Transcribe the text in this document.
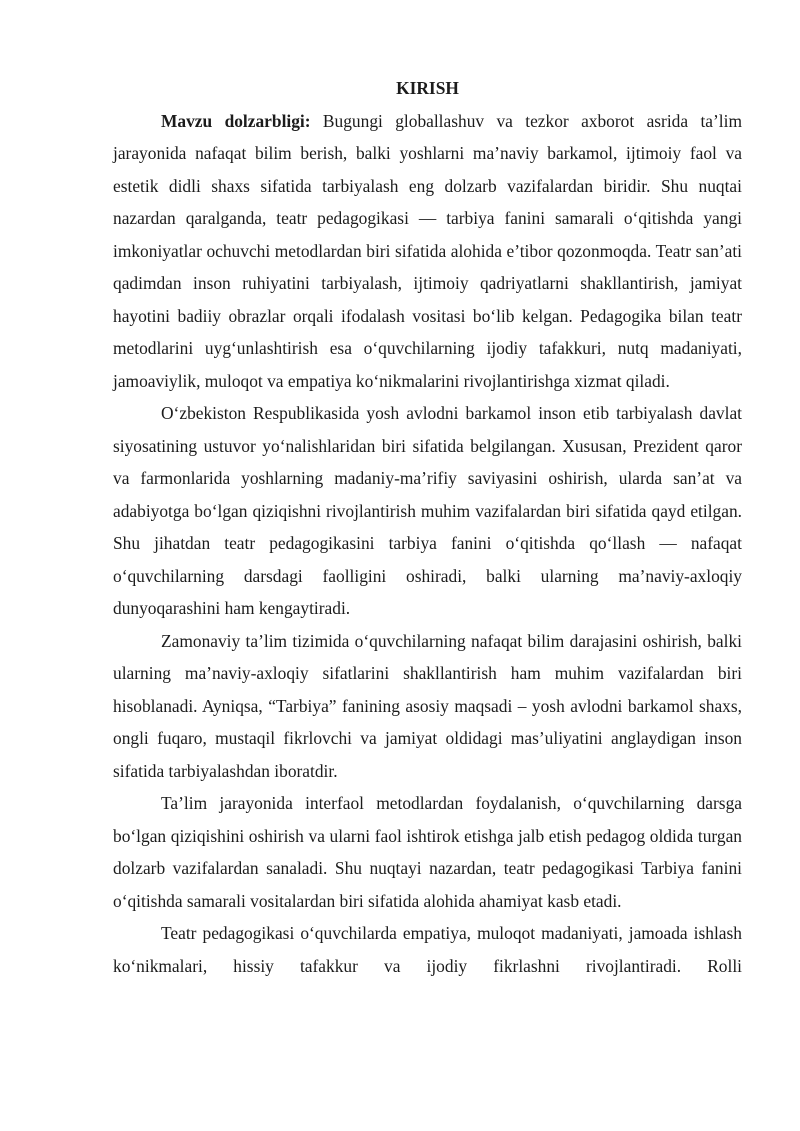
KIRISH

Mavzu dolzarbligi: Bugungi globallashuv va tezkor axborot asrida ta’lim jarayonida nafaqat bilim berish, balki yoshlarni ma’naviy barkamol, ijtimoiy faol va estetik didli shaxs sifatida tarbiyalash eng dolzarb vazifalardan biridir. Shu nuqtai nazardan qaralganda, teatr pedagogikasi — tarbiya fanini samarali o‘qitishda yangi imkoniyatlar ochuvchi metodlardan biri sifatida alohida e’tibor qozonmoqda. Teatr san’ati qadimdan inson ruhiyatini tarbiyalash, ijtimoiy qadriyatlarni shakllantirish, jamiyat hayotini badiiy obrazlar orqali ifodalash vositasi bo‘lib kelgan. Pedagogika bilan teatr metodlarini uyg‘unlashtirish esa o‘quvchilarning ijodiy tafakkuri, nutq madaniyati, jamoaviylik, muloqot va empatiya ko‘nikmalarini rivojlantirishga xizmat qiladi.

O‘zbekiston Respublikasida yosh avlodni barkamol inson etib tarbiyalash davlat siyosatining ustuvor yo‘nalishlaridan biri sifatida belgilangan. Xususan, Prezident qaror va farmonlarida yoshlarning madaniy-ma’rifiy saviyasini oshirish, ularda san’at va adabiyotga bo‘lgan qiziqishni rivojlantirish muhim vazifalardan biri sifatida qayd etilgan. Shu jihatdan teatr pedagogikasini tarbiya fanini o‘qitishda qo‘llash — nafaqat o‘quvchilarning darsdagi faolligini oshiradi, balki ularning ma’naviy-axloqiy dunyoqarashini ham kengaytiradi.

Zamonaviy ta’lim tizimida o‘quvchilarning nafaqat bilim darajasini oshirish, balki ularning ma’naviy-axloqiy sifatlarini shakllantirish ham muhim vazifalardan biri hisoblanadi. Ayniqsa, “Tarbiya” fanining asosiy maqsadi – yosh avlodni barkamol shaxs, ongli fuqaro, mustaqil fikrlovchi va jamiyat oldidagi mas’uliyatini anglaydigan inson sifatida tarbiyalashdan iboratdir.

Ta’lim jarayonida interfaol metodlardan foydalanish, o‘quvchilarning darsga bo‘lgan qiziqishini oshirish va ularni faol ishtirok etishga jalb etish pedagog oldida turgan dolzarb vazifalardan sanaladi. Shu nuqtayi nazardan, teatr pedagogikasi Tarbiya fanini o‘qitishda samarali vositalardan biri sifatida alohida ahamiyat kasb etadi.

Teatr pedagogikasi o‘quvchilarda empatiya, muloqot madaniyati, jamoada ishlash ko‘nikmalari, hissiy tafakkur va ijodiy fikrlashni rivojlantiradi. Rolli
